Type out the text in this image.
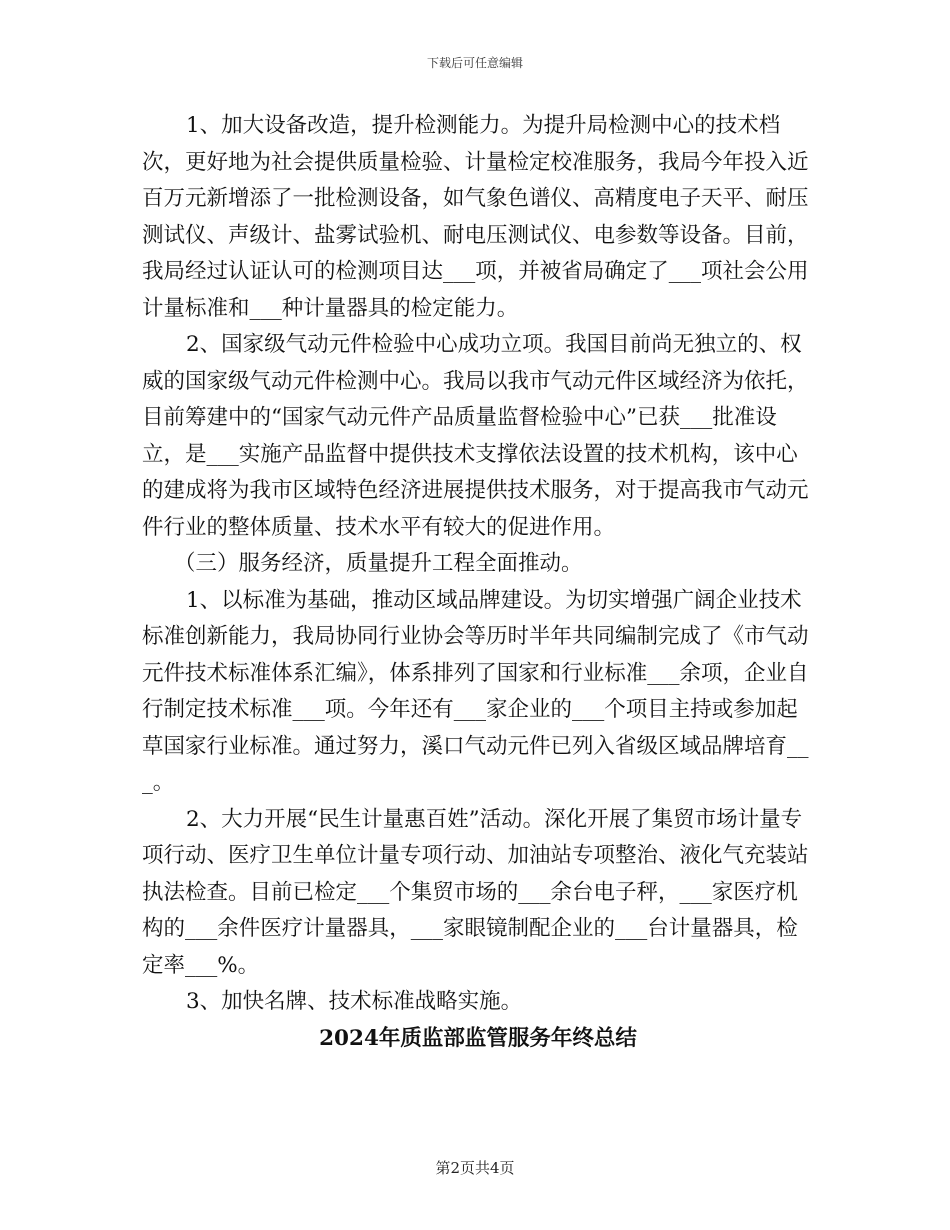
下载后可任意编辑

1、加大设备改造，提升检测能力。为提升局检测中心的技术档次，更好地为社会提供质量检验、计量检定校准服务，我局今年投入近百万元新增添了一批检测设备，如气象色谱仪、高精度电子天平、耐压测试仪、声级计、盐雾试验机、耐电压测试仪、电参数等设备。目前，我局经过认证认可的检测项目达___项，并被省局确定了___项社会公用计量标准和___种计量器具的检定能力。

2、国家级气动元件检验中心成功立项。我国目前尚无独立的、权威的国家级气动元件检测中心。我局以我市气动元件区域经济为依托，目前筹建中的“国家气动元件产品质量监督检验中心”已获___批准设立，是___实施产品监督中提供技术支撑依法设置的技术机构，该中心的建成将为我市区域特色经济进展提供技术服务，对于提高我市气动元件行业的整体质量、技术水平有较大的促进作用。

（三）服务经济，质量提升工程全面推动。

1、以标准为基础，推动区域品牌建设。为切实增强广阔企业技术标准创新能力，我局协同行业协会等历时半年共同编制完成了《市气动元件技术标准体系汇编》，体系排列了国家和行业标准___余项，企业自行制定技术标准___项。今年还有___家企业的___个项目主持或参加起草国家行业标准。通过努力，溪口气动元件已列入省级区域品牌培育___。

2、大力开展“民生计量惠百姓”活动。深化开展了集贸市场计量专项行动、医疗卫生单位计量专项行动、加油站专项整治、液化气充装站执法检查。目前已检定___个集贸市场的___余台电子秤，___家医疗机构的___余件医疗计量器具，___家眼镜制配企业的___台计量器具，检定率___%。

3、加快名牌、技术标准战略实施。

2024年质监部监管服务年终总结

第2页共4页
